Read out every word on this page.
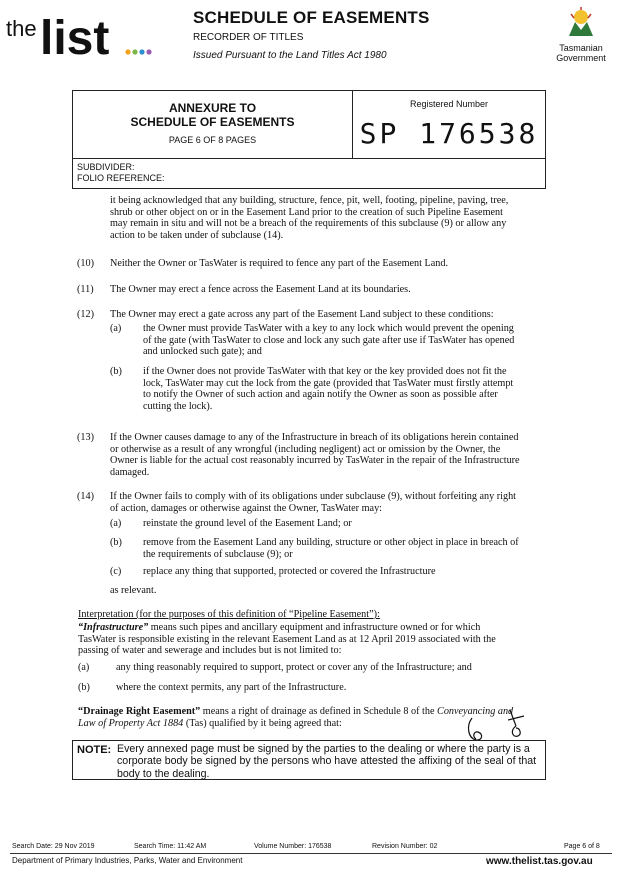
the list	SCHEDULE OF EASEMENTS
RECORDER OF TITLES
Issued Pursuant to the Land Titles Act 1980
Tasmanian
Government
ANNEXURE TO
SCHEDULE OF EASEMENTS
PAGE 6 OF 8 PAGES
Registered Number
SP 176538
SUBDIVIDER:
FOLIO REFERENCE:
it being acknowledged that any building, structure, fence, pit, well, footing, pipeline, paving, tree,
shrub or other object on or in the Easement Land prior to the creation of such Pipeline Easement
may remain in situ and will not be a breach of the requirements of this subclause (9) or allow any
action to be taken under of subclause (14).
(10) Neither the Owner or TasWater is required to fence any part of the Easement Land.
(11) The Owner may erect a fence across the Easement Land at its boundaries.
(12) The Owner may erect a gate across any part of the Easement Land subject to these conditions:
(a) the Owner must provide TasWater with a key to any lock which would prevent the opening
of the gate (with TasWater to close and lock any such gate after use if TasWater has opened
and unlocked such gate); and
(b) if the Owner does not provide TasWater with that key or the key provided does not fit the
lock, TasWater may cut the lock from the gate (provided that TasWater must firstly attempt
to notify the Owner of such action and again notify the Owner as soon as possible after
cutting the lock).
(13) If the Owner causes damage to any of the Infrastructure in breach of its obligations herein contained
or otherwise as a result of any wrongful (including negligent) act or omission by the Owner, the
Owner is liable for the actual cost reasonably incurred by TasWater in the repair of the Infrastructure
damaged.
(14) If the Owner fails to comply with of its obligations under subclause (9), without forfeiting any right
of action, damages or otherwise against the Owner, TasWater may:
(a) reinstate the ground level of the Easement Land; or
(b) remove from the Easement Land any building, structure or other object in place in breach of
the requirements of subclause (9); or
(c) replace any thing that supported, protected or covered the Infrastructure
as relevant.
Interpretation (for the purposes of this definition of “Pipeline Easement”):
“Infrastructure” means such pipes and ancillary equipment and infrastructure owned or for which
TasWater is responsible existing in the relevant Easement Land as at 12 April 2019 associated with the
passing of water and sewerage and includes but is not limited to:
(a)	any thing reasonably required to support, protect or cover any of the Infrastructure; and
(b)	where the context permits, any part of the Infrastructure.
“Drainage Right Easement” means a right of drainage as defined in Schedule 8 of the Conveyancing and
Law of Property Act 1884 (Tas) qualified by it being agreed that:
NOTE: Every annexed page must be signed by the parties to the dealing or where the party is a corporate body be signed by the persons who have attested the affixing of the seal of that body to the dealing.
Search Date: 29 Nov 2019	Search Time: 11:42 AM	Volume Number: 176538	Revision Number: 02	Page 6 of 8
Department of Primary Industries, Parks, Water and Environment	www.thelist.tas.gov.au
